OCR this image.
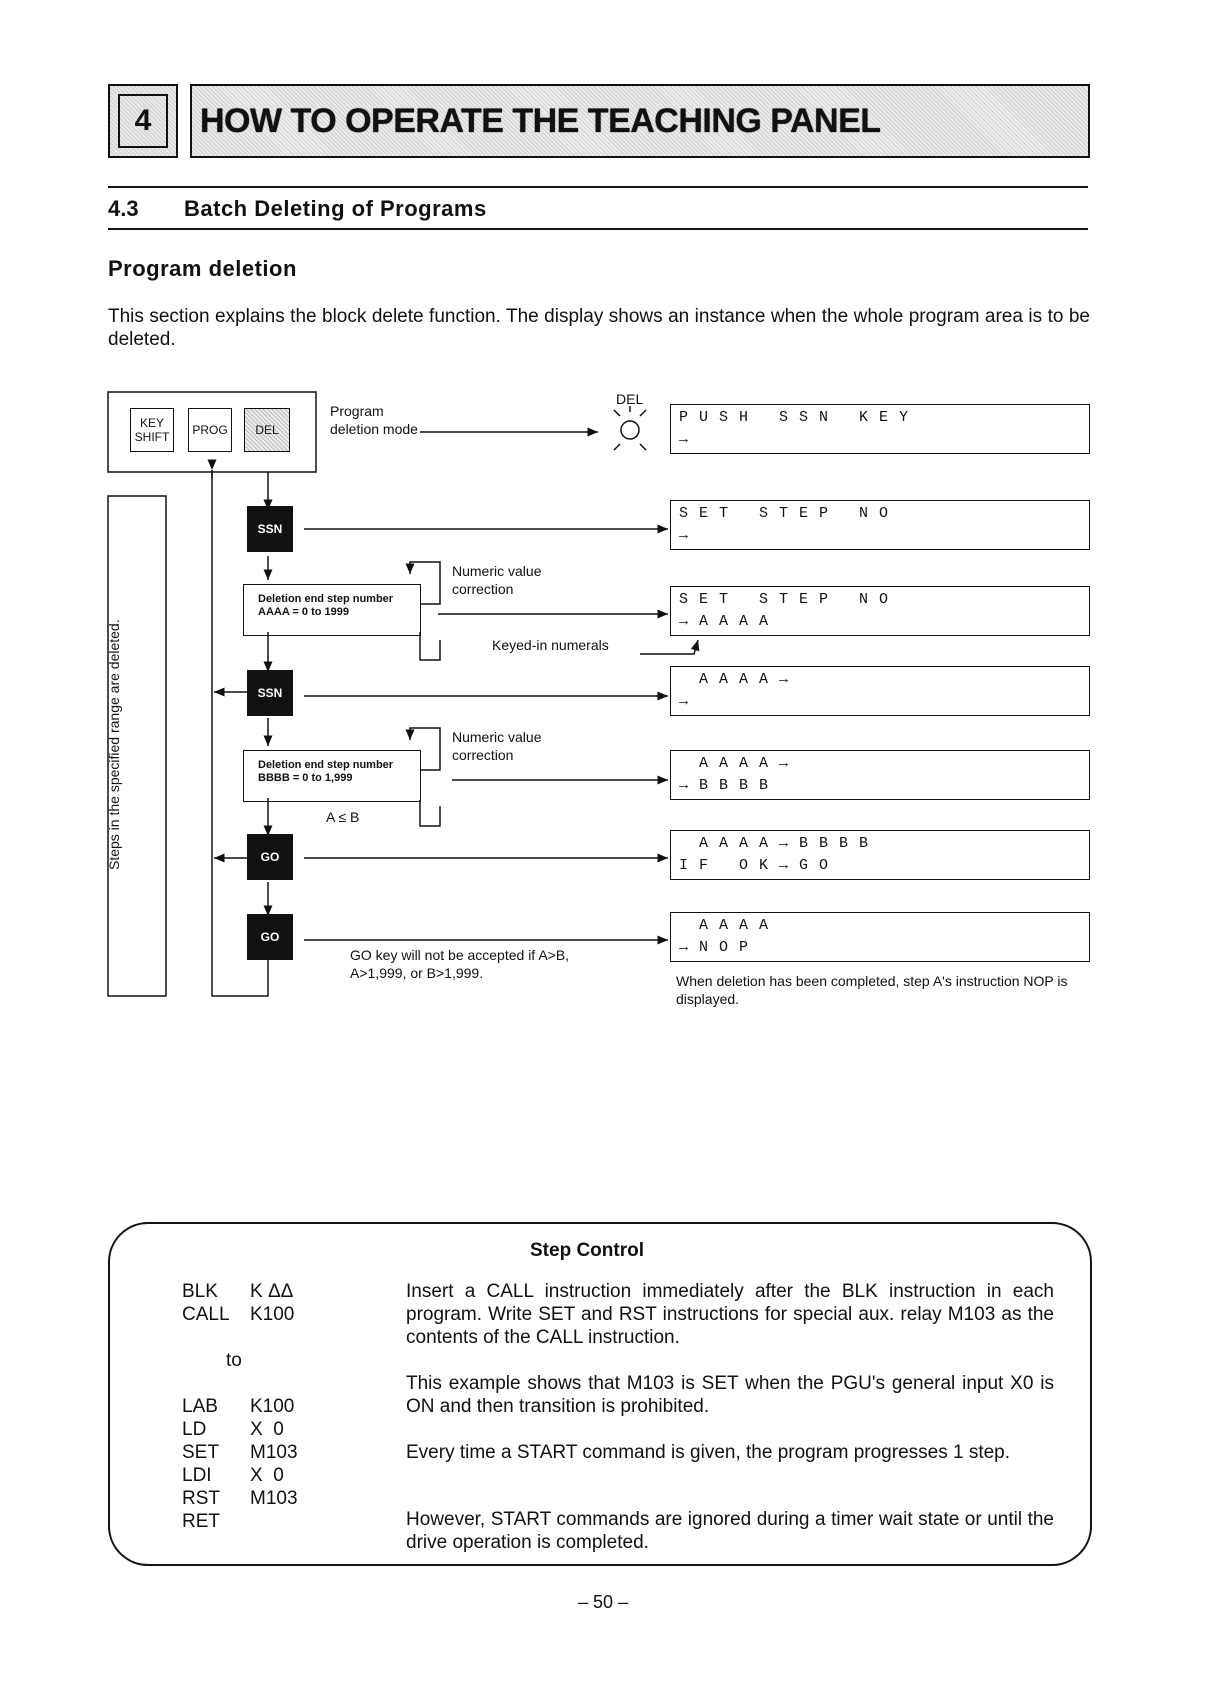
4	HOW TO OPERATE THE TEACHING PANEL
4.3 Batch Deleting of Programs
Program deletion
This section explains the block delete function. The display shows an instance when the whole program area is to be deleted.
KEY SHIFT	PROG DEL
Program deletion mode
DEL
Steps in the specified range are deleted.
SSN
SSN
GO
GO
Deletion end step number
AAAA = 0 to 1999
Deletion end step number
BBBB = 0 to 1,999
Numeric value correction
Numeric value correction
Keyed-in numerals
A ≤ B
GO key will not be accepted if A>B, A>1,999, or B>1,999.	When deletion has been completed, step A's instruction NOP is displayed.
P U S H   S S N   K E Y
→
S E T   S T E P   N O
→
S E T   S T E P   N O
→ A A A A
A A A A →
→
A A A A →
→ B B B B
A A A A → B B B B
I F   O K → G O
A A A A
→ N O P
Step Control
BLK K ΔΔ
CALL K100
to
LAB K100
LD X  0
SET M103
LDI X  0
RST M103
RET
Insert a CALL instruction immediately after the BLK instruction in each program. Write SET and RST instructions for special aux. relay M103 as the contents of the CALL instruction.
This example shows that M103 is SET when the PGU's general input X0 is ON and then transition is prohibited.
Every time a START command is given, the program progresses 1 step.
However, START commands are ignored during a timer wait state or until the drive operation is completed.
– 50 –
